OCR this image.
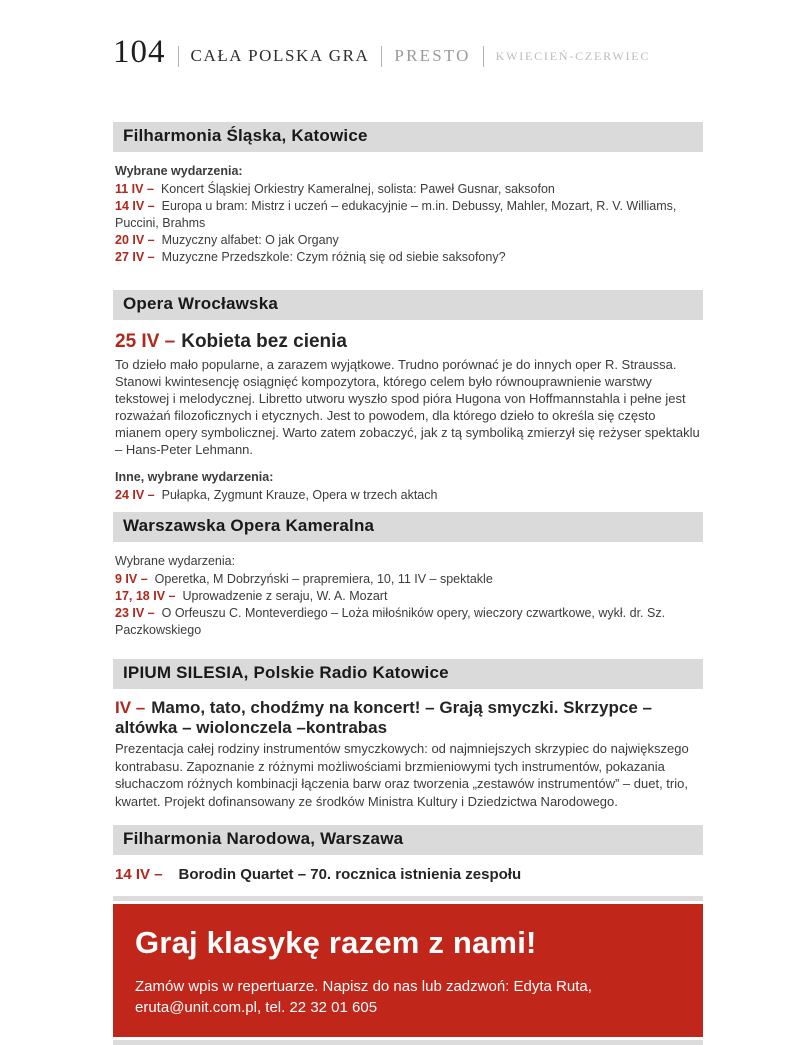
104 CAŁA POLSKA GRA PRESTO KWIECIEŃ-CZERWIEC
Filharmonia Śląska, Katowice
Wybrane wydarzenia:
11 IV – Koncert Śląskiej Orkiestry Kameralnej, solista: Paweł Gusnar, saksofon
14 IV – Europa u bram: Mistrz i uczeń – edukacyjnie – m.in. Debussy, Mahler, Mozart, R. V. Williams, Puccini, Brahms
20 IV – Muzyczny alfabet: O jak Organy
27 IV – Muzyczne Przedszkole: Czym różnią się od siebie saksofony?
Opera Wrocławska
25 IV – Kobieta bez cienia
To dzieło mało popularne, a zarazem wyjątkowe. Trudno porównać je do innych oper R. Straussa. Stanowi kwintesencję osiągnięć kompozytora, którego celem było równouprawnienie warstwy tekstowej i melodycznej. Libretto utworu wyszło spod pióra Hugona von Hoffmannstahla i pełne jest rozważań filozoficznych i etycznych. Jest to powodem, dla którego dzieło to określa się często mianem opery symbolicznej. Warto zatem zobaczyć, jak z tą symboliką zmierzył się reżyser spektaklu – Hans-Peter Lehmann.
Inne, wybrane wydarzenia:
24 IV – Pułapka, Zygmunt Krauze, Opera w trzech aktach
Warszawska Opera Kameralna
Wybrane wydarzenia:
9 IV – Operetka, M Dobrzyński – prapremiera, 10, 11 IV – spektakle
17, 18 IV – Uprowadzenie z seraju, W. A. Mozart
23 IV – O Orfeuszu C. Monteverdiego – Loża miłośników opery, wieczory czwartkowe, wykł. dr. Sz. Paczkowskiego
IPIUM SILESIA, Polskie Radio Katowice
IV – Mamo, tato, chodźmy na koncert! – Grają smyczki. Skrzypce –altówka – wiolonczela –kontrabas
Prezentacja całej rodziny instrumentów smyczkowych: od najmniejszych skrzypiec do największego kontrabasu. Zapoznanie z różnymi możliwościami brzmieniowymi tych instrumentów, pokazania słuchaczom różnych kombinacji łączenia barw oraz tworzenia „zestawów instrumentów” – duet, trio, kwartet. Projekt dofinansowany ze środków Ministra Kultury i Dziedzictwa Narodowego.
Filharmonia Narodowa, Warszawa
14 IV – Borodin Quartet – 70. rocznica istnienia zespołu
Graj klasykę razem z nami!
Zamów wpis w repertuarze. Napisz do nas lub zadzwoń: Edyta Ruta,
eruta@unit.com.pl, tel. 22 32 01 605
